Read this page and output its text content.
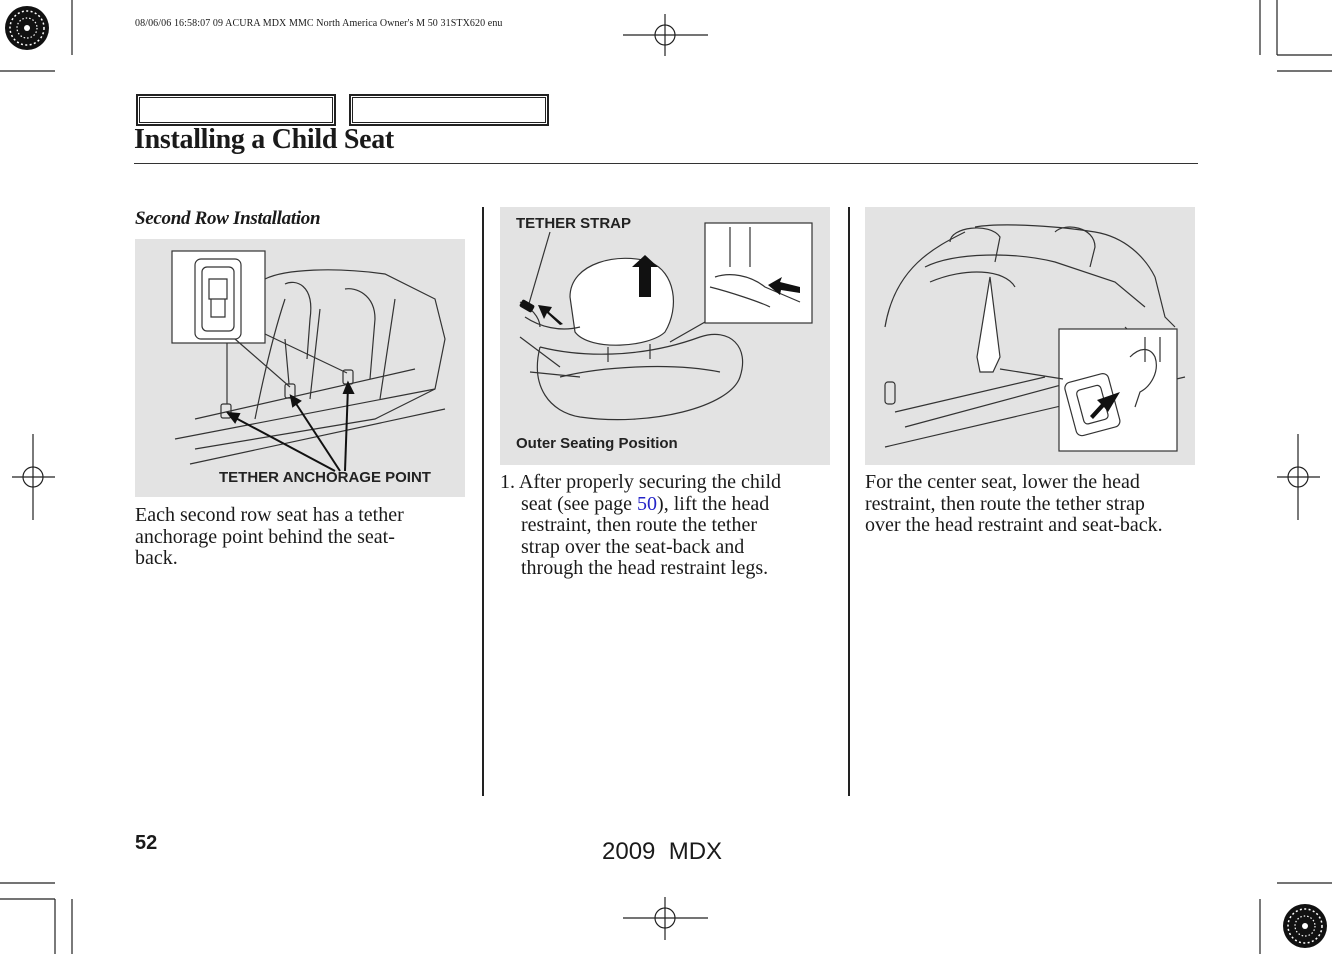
08/06/06 16:58:07 09 ACURA MDX MMC North America Owner's M 50 31STX620 enu
Installing a Child Seat
Second Row Installation
TETHER ANCHORAGE POINT
Each second row seat has a tether
anchorage point behind the seat-
back.
TETHER STRAP
Outer Seating Position
1. After properly securing the child
seat (see page 50), lift the head
restraint, then route the tether
strap over the seat-back and
through the head restraint legs.
For the center seat, lower the head
restraint, then route the tether strap
over the head restraint and seat-back.
52	2009  MDX
